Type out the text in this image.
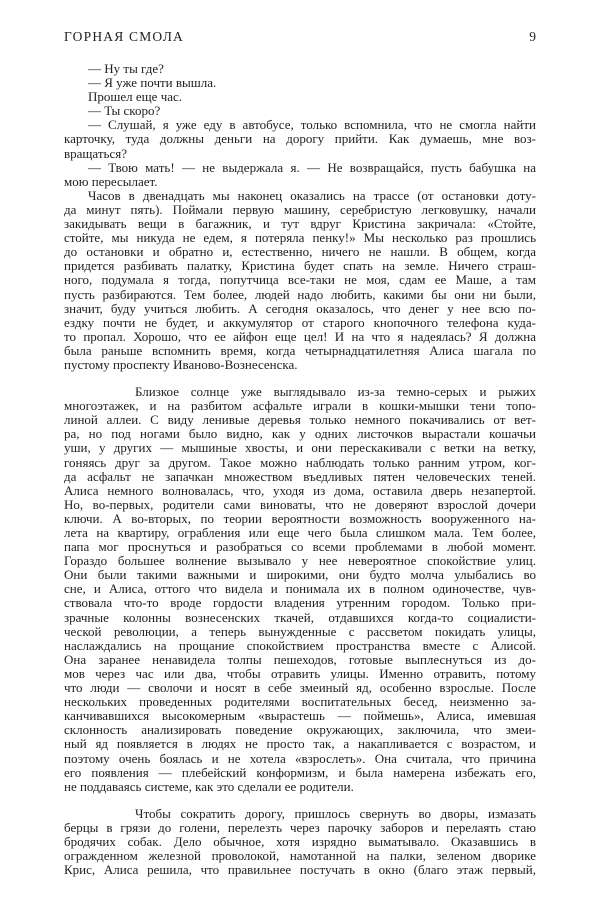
ГОРНАЯ СМОЛА	9

— Ну ты где?

— Я уже почти вышла.

Прошел еще час.

— Ты скоро?

— Слушай, я уже еду в автобусе, только вспомнила, что не смогла найти
карточку, туда должны деньги на дорогу прийти. Как думаешь, мне воз-
вращаться?

— Твою мать! — не выдержала я. — Не возвращайся, пусть бабушка на
мою пересылает.

Часов в двенадцать мы наконец оказались на трассе (от остановки доту-
да минут пять). Поймали первую машину, серебристую легковушку, начали
закидывать вещи в багажник, и тут вдруг Кристина закричала: «Стойте,
стойте, мы никуда не едем, я потеряла пенку!» Мы несколько раз прошлись
до остановки и обратно и, естественно, ничего не нашли. В общем, когда
придется разбивать палатку, Кристина будет спать на земле. Ничего страш-
ного, подумала я тогда, попутчица все-таки не моя, сдам ее Маше, а там
пусть разбираются. Тем более, людей надо любить, какими бы они ни были,
значит, буду учиться любить. А сегодня оказалось, что денег у нее всю по-
ездку почти не будет, и аккумулятор от старого кнопочного телефона куда-
то пропал. Хорошо, что ее айфон еще цел! И на что я надеялась? Я должна
была раньше вспомнить время, когда четырнадцатилетняя Алиса шагала по
пустому проспекту Иваново-Вознесенска.

Близкое солнце уже выглядывало из-за темно-серых и рыжих
многоэтажек, и на разбитом асфальте играли в кошки-мышки тени топо-
линой аллеи. С виду ленивые деревья только немного покачивались от вет-
ра, но под ногами было видно, как у одних листочков вырастали кошачьи
уши, у других — мышиные хвосты, и они перескакивали с ветки на ветку,
гоняясь друг за другом. Такое можно наблюдать только ранним утром, ког-
да асфальт не запачкан множеством въедливых пятен человеческих теней.
Алиса немного волновалась, что, уходя из дома, оставила дверь незапертой.
Но, во-первых, родители сами виноваты, что не доверяют взрослой дочери
ключи. А во-вторых, по теории вероятности возможность вооруженного на-
лета на квартиру, ограбления или еще чего была слишком мала. Тем более,
папа мог проснуться и разобраться со всеми проблемами в любой момент.
Гораздо большее волнение вызывало у нее невероятное спокойствие улиц.
Они были такими важными и широкими, они будто молча улыбались во
сне, и Алиса, оттого что видела и понимала их в полном одиночестве, чув-
ствовала что-то вроде гордости владения утренним городом. Только при-
зрачные колонны вознесенских ткачей, отдавшихся когда-то социалисти-
ческой революции, а теперь вынужденные с рассветом покидать улицы,
наслаждались на прощание спокойствием пространства вместе с Алисой.
Она заранее ненавидела толпы пешеходов, готовые выплеснуться из до-
мов через час или два, чтобы отравить улицы. Именно отравить, потому
что люди — сволочи и носят в себе змеиный яд, особенно взрослые. После
нескольких проведенных родителями воспитательных бесед, неизменно за-
канчивавшихся высокомерным «вырастешь — поймешь», Алиса, имевшая
склонность анализировать поведение окружающих, заключила, что змеи-
ный яд появляется в людях не просто так, а накапливается с возрастом, и
поэтому очень боялась и не хотела «взрослеть». Она считала, что причина
его появления — плебейский конформизм, и была намерена избежать его,
не поддаваясь системе, как это сделали ее родители.

Чтобы сократить дорогу, пришлось свернуть во дворы, измазать
берцы в грязи до голени, перелезть через парочку заборов и перелаять стаю
бродячих собак. Дело обычное, хотя изрядно выматывало. Оказавшись в
огражденном железной проволокой, намотанной на палки, зеленом дворике
Крис, Алиса решила, что правильнее постучать в окно (благо этаж первый,
